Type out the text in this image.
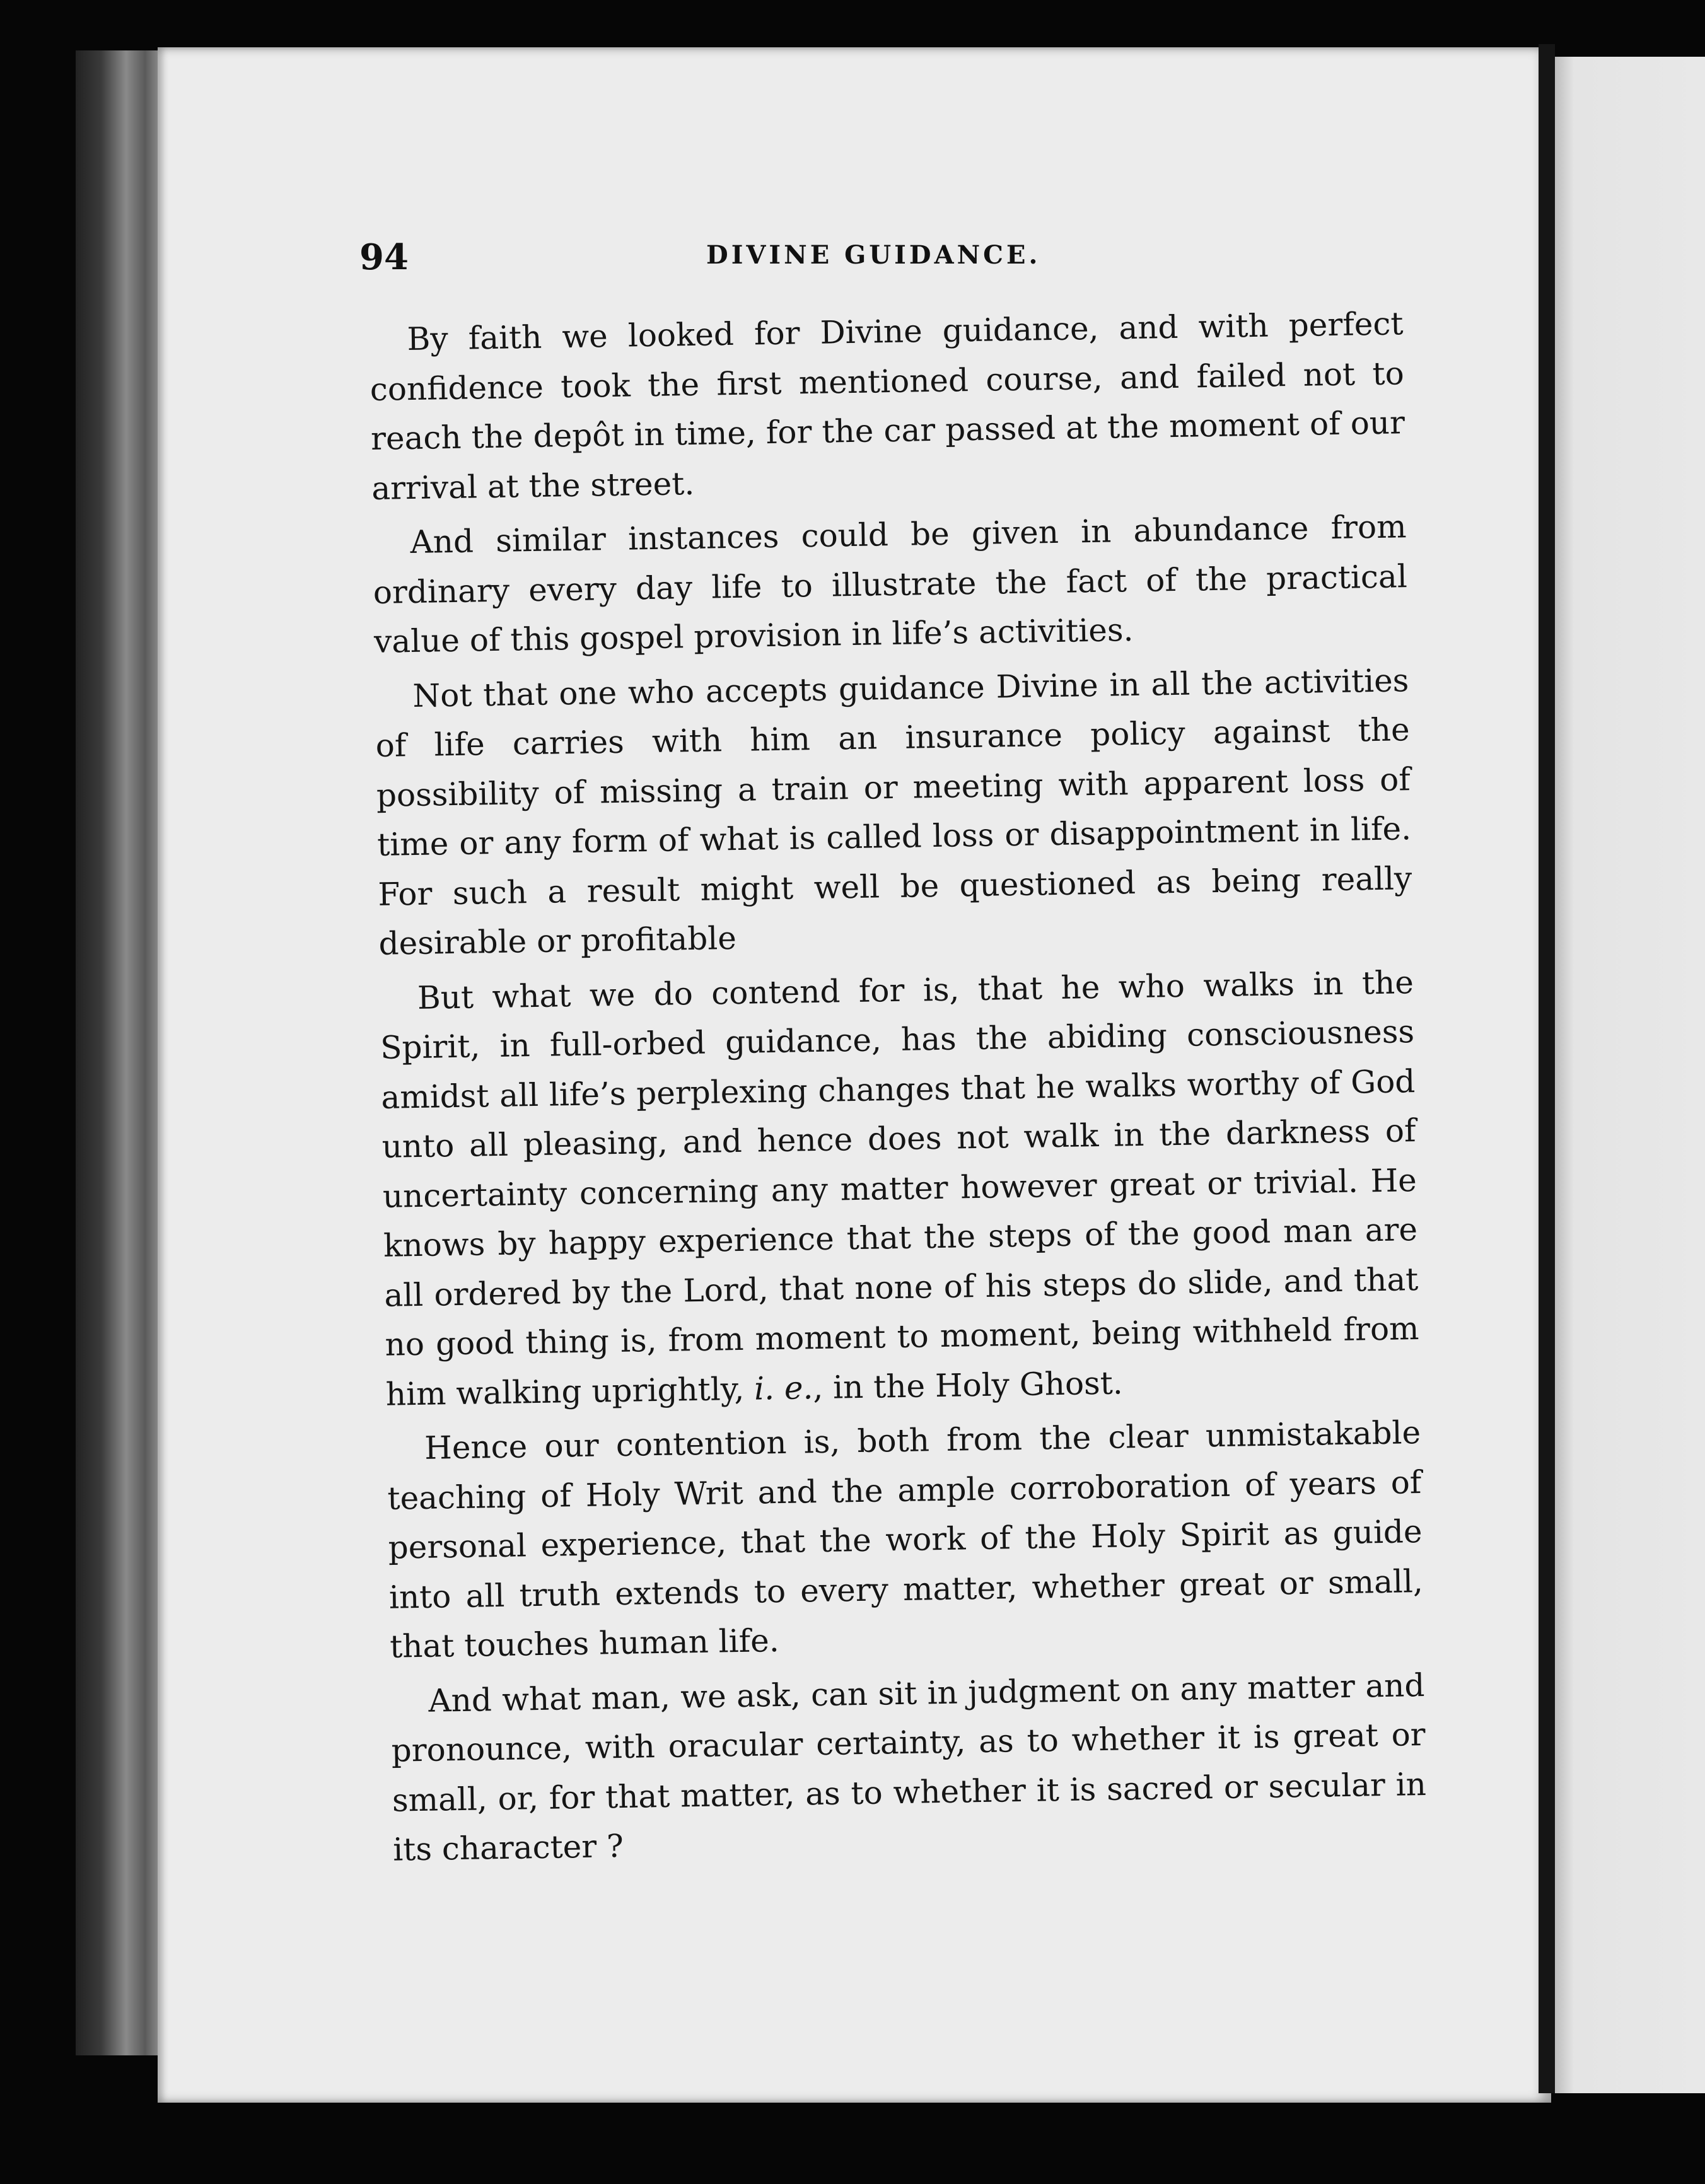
94	DIVINE GUIDANCE.

By faith we looked for Divine guidance, and with perfect confidence took the first mentioned course, and failed not to reach the depôt in time, for the car passed at the moment of our arrival at the street.

And similar instances could be given in abundance from ordinary every day life to illustrate the fact of the practical value of this gospel provision in life’s activities.

Not that one who accepts guidance Divine in all the activities of life carries with him an insurance policy against the possibility of missing a train or meeting with apparent loss of time or any form of what is called loss or disappointment in life. For such a result might well be questioned as being really desirable or profitable

But what we do contend for is, that he who walks in the Spirit, in full-orbed guidance, has the abiding consciousness amidst all life’s perplexing changes that he walks worthy of God unto all pleasing, and hence does not walk in the darkness of uncertainty concerning any matter however great or trivial. He knows by happy experience that the steps of the good man are all ordered by the Lord, that none of his steps do slide, and that no good thing is, from moment to moment, being withheld from him walking uprightly, i. e., in the Holy Ghost.

Hence our contention is, both from the clear unmistakable teaching of Holy Writ and the ample corroboration of years of personal experience, that the work of the Holy Spirit as guide into all truth extends to every matter, whether great or small, that touches human life.

And what man, we ask, can sit in judgment on any matter and pronounce, with oracular certainty, as to whether it is great or small, or, for that matter, as to whether it is sacred or secular in its character ?
